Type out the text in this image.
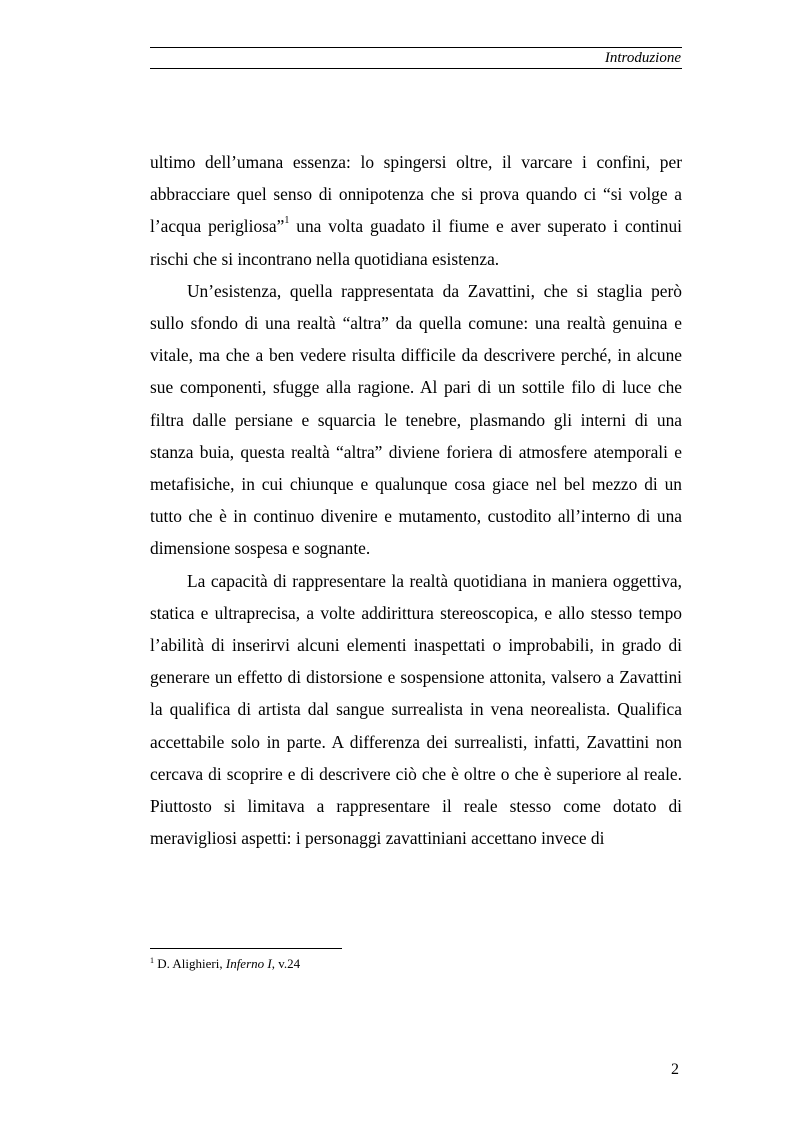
Introduzione

ultimo dell’umana essenza: lo spingersi oltre, il varcare i confini, per abbracciare quel senso di onnipotenza che si prova quando ci “si volge a l’acqua perigliosa”$^1$ una volta guadato il fiume e aver superato i continui rischi che si incontrano nella quotidiana esistenza.

Un’esistenza, quella rappresentata da Zavattini, che si staglia però sullo sfondo di una realtà “altra” da quella comune: una realtà genuina e vitale, ma che a ben vedere risulta difficile da descrivere perché, in alcune sue componenti, sfugge alla ragione. Al pari di un sottile filo di luce che filtra dalle persiane e squarcia le tenebre, plasmando gli interni di una stanza buia, questa realtà “altra” diviene foriera di atmosfere atemporali e metafisiche, in cui chiunque e qualunque cosa giace nel bel mezzo di un tutto che è in continuo divenire e mutamento, custodito all’interno di una dimensione sospesa e sognante.

La capacità di rappresentare la realtà quotidiana in maniera oggettiva, statica e ultraprecisa, a volte addirittura stereoscopica, e allo stesso tempo l’abilità di inserirvi alcuni elementi inaspettati o improbabili, in grado di generare un effetto di distorsione e sospensione attonita, valsero a Zavattini la qualifica di artista dal sangue surrealista in vena neorealista. Qualifica accettabile solo in parte. A differenza dei surrealisti, infatti, Zavattini non cercava di scoprire e di descrivere ciò che è oltre o che è superiore al reale. Piuttosto si limitava a rappresentare il reale stesso come dotato di meravigliosi aspetti: i personaggi zavattiniani accettano invece di

$^1$ D. Alighieri, Inferno I, v.24
2
